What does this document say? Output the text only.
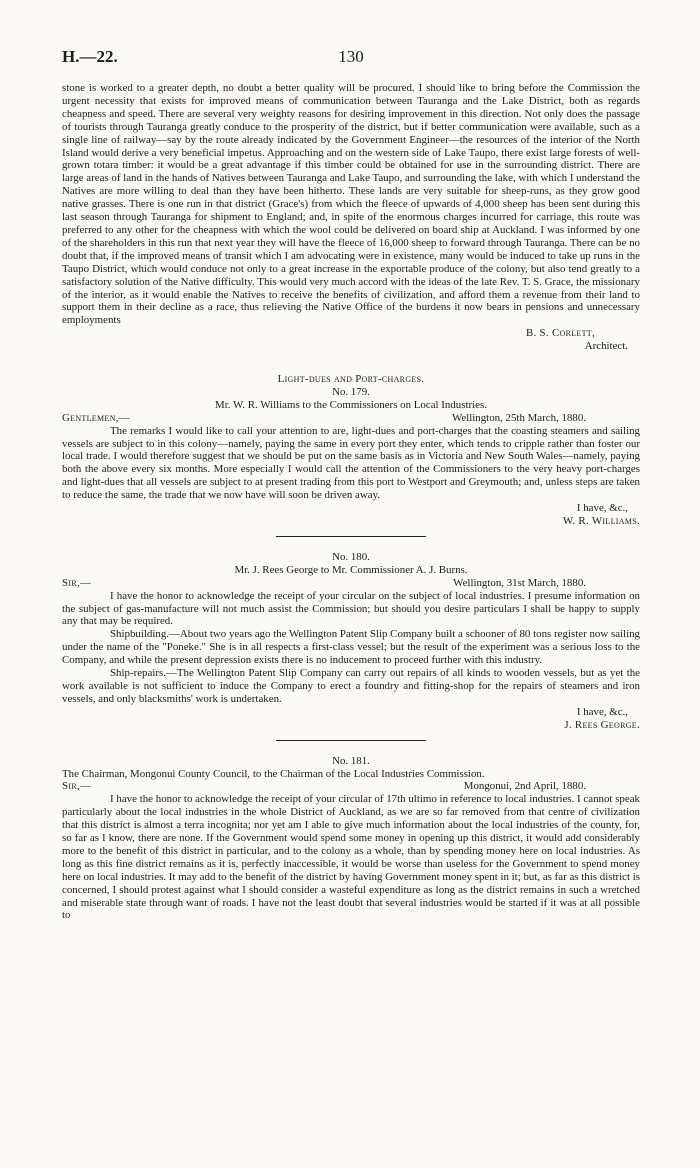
H.—22.	130

stone is worked to a greater depth, no doubt a better quality will be procured. I should like to bring before the Commission the urgent necessity that exists for improved means of communication between Tauranga and the Lake District, both as regards cheapness and speed. There are several very weighty reasons for desiring improvement in this direction. Not only does the passage of tourists through Tauranga greatly conduce to the prosperity of the district, but if better communication were available, such as a single line of railway—say by the route already indicated by the Government Engineer—the resources of the interior of the North Island would derive a very beneficial impetus. Approaching and on the western side of Lake Taupo, there exist large forests of well-grown totara timber: it would be a great advantage if this timber could be obtained for use in the surrounding district. There are large areas of land in the hands of Natives between Tauranga and Lake Taupo, and surrounding the lake, with which I understand the Natives are more willing to deal than they have been hitherto. These lands are very suitable for sheep-runs, as they grow good native grasses. There is one run in that district (Grace's) from which the fleece of upwards of 4,000 sheep has been sent during this last season through Tauranga for shipment to England; and, in spite of the enormous charges incurred for carriage, this route was preferred to any other for the cheapness with which the wool could be delivered on board ship at Auckland. I was informed by one of the shareholders in this run that next year they will have the fleece of 16,000 sheep to forward through Tauranga. There can be no doubt that, if the improved means of transit which I am advocating were in existence, many would be induced to take up runs in the Taupo District, which would conduce not only to a great increase in the exportable produce of the colony, but also tend greatly to a satisfactory solution of the Native difficulty. This would very much accord with the ideas of the late Rev. T. S. Grace, the missionary of the interior, as it would enable the Natives to receive the benefits of civilization, and afford them a revenue from their land to support them in their decline as a race, thus relieving the Native Office of the burdens it now bears in pensions and unnecessary employments

B. S. Corlett,

Architect.

Light-dues and Port-charges.

No. 179.

Mr. W. R. Williams to the Commissioners on Local Industries.

Gentlemen,—	Wellington, 25th March, 1880.

The remarks I would like to call your attention to are, light-dues and port-charges that the coasting steamers and sailing vessels are subject to in this colony—namely, paying the same in every port they enter, which tends to cripple rather than foster our local trade. I would therefore suggest that we should be put on the same basis as in Victoria and New South Wales—namely, paying both the above every six months. More especially I would call the attention of the Commissioners to the very heavy port-charges and light-dues that all vessels are subject to at present trading from this port to Westport and Greymouth; and, unless steps are taken to reduce the same, the trade that we now have will soon be driven away.

I have, &c.,

W. R. Williams.

No. 180.

Mr. J. Rees George to Mr. Commissioner A. J. Burns.

Sir,—	Wellington, 31st March, 1880.

I have the honor to acknowledge the receipt of your circular on the subject of local industries. I presume information on the subject of gas-manufacture will not much assist the Commission; but should you desire particulars I shall be happy to supply any that may be required.

Shipbuilding.—About two years ago the Wellington Patent Slip Company built a schooner of 80 tons register now sailing under the name of the "Poneke." She is in all respects a first-class vessel; but the result of the experiment was a serious loss to the Company, and while the present depression exists there is no inducement to proceed further with this industry.

Ship-repairs.—The Wellington Patent Slip Company can carry out repairs of all kinds to wooden vessels, but as yet the work available is not sufficient to induce the Company to erect a foundry and fitting-shop for the repairs of steamers and iron vessels, and only blacksmiths' work is undertaken.

I have, &c.,

J. Rees George.

No. 181.

The Chairman, Mongonui County Council, to the Chairman of the Local Industries Commission.

Sir,—	Mongonui, 2nd April, 1880.

I have the honor to acknowledge the receipt of your circular of 17th ultimo in reference to local industries. I cannot speak particularly about the local industries in the whole District of Auckland, as we are so far removed from that centre of civilization that this district is almost a terra incognita; nor yet am I able to give much information about the local industries of the county, for, so far as I know, there are none. If the Government would spend some money in opening up this district, it would add considerably more to the benefit of this district in particular, and to the colony as a whole, than by spending money here on local industries. As long as this fine district remains as it is, perfectly inaccessible, it would be worse than useless for the Government to spend money here on local industries. It may add to the benefit of the district by having Government money spent in it; but, as far as this district is concerned, I should protest against what I should consider a wasteful expenditure as long as the district remains in such a wretched and miserable state through want of roads. I have not the least doubt that several industries would be started if it was at all possible to
